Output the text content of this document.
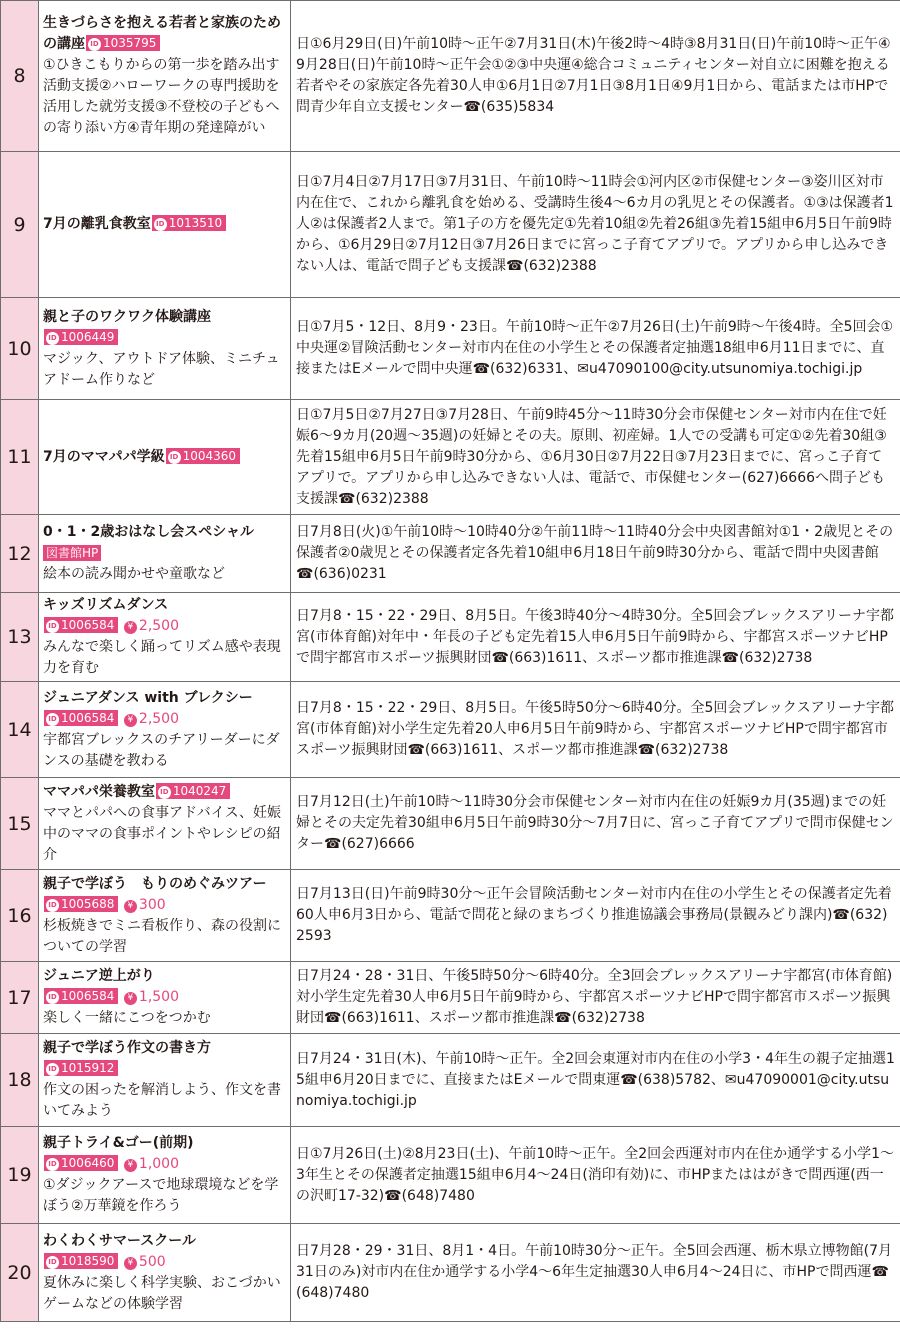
8	生きづらさを抱える若者と家族のための講座 ID 1035795
①ひきこもりからの第一歩を踏み出す活動支援②ハローワークの専門援助を活用した就労支援③不登校の子どもへの寄り添い方④青年期の発達障がい	日①6月29日(日)午前10時～正午②7月31日(木)午後2時～4時③8月31日(日)午前10時～正午④9月28日(日)午前10時～正午会①②③中央運④総合コミュニティセンター対自立に困難を抱える若者やその家族定各先着30人申①6月1日②7月1日③8月1日④9月1日から、電話または市HPで問青少年自立支援センター☎(635)5834
9	7月の離乳食教室 ID 1013510	日①7月4日②7月17日③7月31日、午前10時～11時会①河内区②市保健センター③姿川区対市内在住で、これから離乳食を始める、受講時生後4～6カ月の乳児とその保護者。①③は保護者1人②は保護者2人まで。第1子の方を優先定①先着10組②先着26組③先着15組申6月5日午前9時から、①6月29日②7月12日③7月26日までに宮っこ子育てアプリで。アプリから申し込みできない人は、電話で問子ども支援課☎(632)2388
10	親と子のワクワク体験講座
ID 1006449
マジック、アウトドア体験、ミニチュアドーム作りなど	日①7月5・12日、8月9・23日。午前10時～正午②7月26日(土)午前9時～午後4時。全5回会①中央運②冒険活動センター対市内在住の小学生とその保護者定抽選18組申6月11日までに、直接またはEメールで問中央運☎(632)6331、✉u47090100@city.utsunomiya.tochigi.jp
11	7月のママパパ学級 ID 1004360	日①7月5日②7月27日③7月28日、午前9時45分～11時30分会市保健センター対市内在住で妊娠6～9カ月(20週～35週)の妊婦とその夫。原則、初産婦。1人での受講も可定①②先着30組③先着15組申6月5日午前9時30分から、①6月30日②7月22日③7月23日までに、宮っこ子育てアプリで。アプリから申し込みできない人は、電話で、市保健センター(627)6666へ問子ども支援課☎(632)2388
12	0・1・2歳おはなし会スペシャル
図書館HP
絵本の読み聞かせや童歌など	日7月8日(火)①午前10時～10時40分②午前11時～11時40分会中央図書館対①1・2歳児とその保護者②0歳児とその保護者定各先着10組申6月18日午前9時30分から、電話で問中央図書館☎(636)0231
13	キッズリズムダンス
ID 1006584 ¥ 2,500
みんなで楽しく踊ってリズム感や表現力を育む	日7月8・15・22・29日、8月5日。午後3時40分～4時30分。全5回会ブレックスアリーナ宇都宮(市体育館)対年中・年長の子ども定先着15人申6月5日午前9時から、宇都宮スポーツナビHPで問宇都宮市スポーツ振興財団☎(663)1611、スポーツ都市推進課☎(632)2738
14	ジュニアダンス with ブレクシー
ID 1006584 ¥ 2,500
宇都宮ブレックスのチアリーダーにダンスの基礎を教わる	日7月8・15・22・29日、8月5日。午後5時50分～6時40分。全5回会ブレックスアリーナ宇都宮(市体育館)対小学生定先着20人申6月5日午前9時から、宇都宮スポーツナビHPで問宇都宮市スポーツ振興財団☎(663)1611、スポーツ都市推進課☎(632)2738
15	ママパパ栄養教室 ID 1040247
ママとパパへの食事アドバイス、妊娠中のママの食事ポイントやレシピの紹介	日7月12日(土)午前10時～11時30分会市保健センター対市内在住の妊娠9カ月(35週)までの妊婦とその夫定先着30組申6月5日午前9時30分～7月7日に、宮っこ子育てアプリで問市保健センター☎(627)6666
16	親子で学ぼう　もりのめぐみツアー ID 1005688 ¥ 300
杉板焼きでミニ看板作り、森の役割についての学習	日7月13日(日)午前9時30分～正午会冒険活動センター対市内在住の小学生とその保護者定先着60人申6月3日から、電話で問花と緑のまちづくり推進協議会事務局(景観みどり課内)☎(632)2593
17	ジュニア逆上がり
ID 1006584 ¥ 1,500
楽しく一緒にこつをつかむ	日7月24・28・31日、午後5時50分～6時40分。全3回会ブレックスアリーナ宇都宮(市体育館)対小学生定先着30人申6月5日午前9時から、宇都宮スポーツナビHPで問宇都宮市スポーツ振興財団☎(663)1611、スポーツ都市推進課☎(632)2738
18	親子で学ぼう作文の書き方
ID 1015912
作文の困ったを解消しよう、作文を書いてみよう	日7月24・31日(木)、午前10時～正午。全2回会東運対市内在住の小学3・4年生の親子定抽選15組申6月20日までに、直接またはEメールで問東運☎(638)5782、✉u47090001@city.utsunomiya.tochigi.jp
19	親子トライ&ゴー(前期)
ID 1006460 ¥ 1,000
①ダジックアースで地球環境などを学ぼう②万華鏡を作ろう	日①7月26日(土)②8月23日(土)、午前10時～正午。全2回会西運対市内在住か通学する小学1～3年生とその保護者定抽選15組申6月4～24日(消印有効)に、市HPまたははがきで問西運(西一の沢町17-32)☎(648)7480
20	わくわくサマースクール
ID 1018590 ¥ 500
夏休みに楽しく科学実験、おこづかいゲームなどの体験学習	日7月28・29・31日、8月1・4日。午前10時30分～正午。全5回会西運、栃木県立博物館(7月31日のみ)対市内在住か通学する小学4～6年生定抽選30人申6月4～24日に、市HPで問西運☎(648)7480
